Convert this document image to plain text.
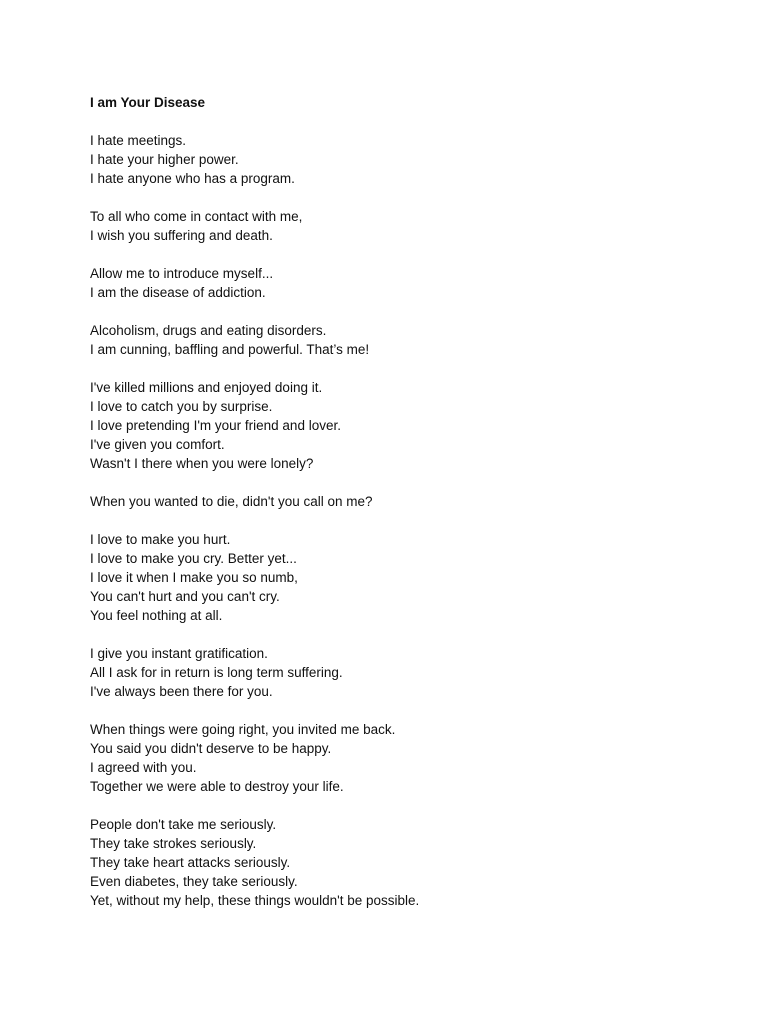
I am Your Disease
I hate meetings.
I hate your higher power.
I hate anyone who has a program.
To all who come in contact with me,
I wish you suffering and death.
Allow me to introduce myself...
I am the disease of addiction.
Alcoholism, drugs and eating disorders.
I am cunning, baffling and powerful. That’s me!
I've killed millions and enjoyed doing it.
I love to catch you by surprise.
I love pretending I'm your friend and lover.
I've given you comfort.
Wasn't I there when you were lonely?
When you wanted to die, didn't you call on me?
I love to make you hurt.
I love to make you cry. Better yet...
I love it when I make you so numb,
You can't hurt and you can't cry.
You feel nothing at all.
I give you instant gratification.
All I ask for in return is long term suffering.
I've always been there for you.
When things were going right, you invited me back.
You said you didn't deserve to be happy.
I agreed with you.
Together we were able to destroy your life.
People don't take me seriously.
They take strokes seriously.
They take heart attacks seriously.
Even diabetes, they take seriously.
Yet, without my help, these things wouldn't be possible.
